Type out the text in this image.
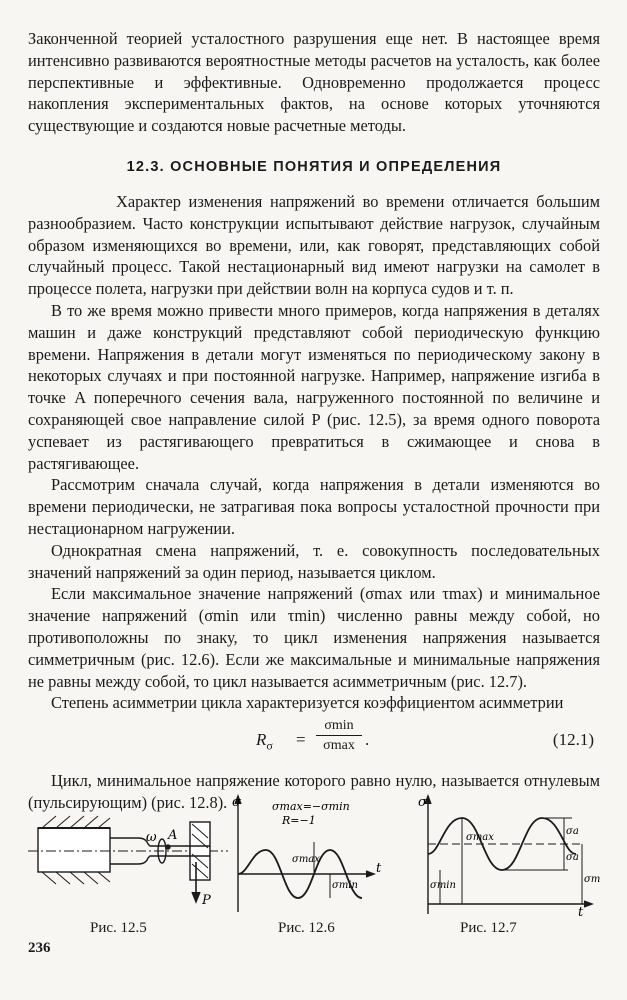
Законченной теорией усталостного разрушения еще нет. В настоящее время интенсивно развиваются вероятностные методы расчетов на усталость, как более перспективные и эффективные. Одновременно продолжается процесс накопления экспериментальных фактов, на основе которых уточняются существующие и создаются новые расчетные методы.

12.3. ОСНОВНЫЕ ПОНЯТИЯ И ОПРЕДЕЛЕНИЯ

Характер изменения напряжений во времени отличается большим разнообразием. Часто конструкции испытывают действие нагрузок, случайным образом изменяющихся во времени, или, как говорят, представляющих собой случайный процесс. Такой нестационарный вид имеют нагрузки на самолет в процессе полета, нагрузки при действии волн на корпуса судов и т. п.

В то же время можно привести много примеров, когда напряжения в деталях машин и даже конструкций представляют собой периодическую функцию времени. Напряжения в детали могут изменяться по периодическому закону в некоторых случаях и при постоянной нагрузке. Например, напряжение изгиба в точке A поперечного сечения вала, нагруженного постоянной по величине и сохраняющей свое направление силой P (рис. 12.5), за время одного поворота успевает из растягивающего превратиться в сжимающее и снова в растягивающее.

Рассмотрим сначала случай, когда напряжения в детали изменяются во времени периодически, не затрагивая пока вопросы усталостной прочности при нестационарном нагружении.

Однократная смена напряжений, т. е. совокупность последовательных значений напряжений за один период, называется циклом.

Если максимальное значение напряжений (σmax или τmax) и минимальное значение напряжений (σmin или τmin) численно равны между собой, но противоположны по знаку, то цикл изменения напряжения называется симметричным (рис. 12.6). Если же максимальные и минимальные напряжения не равны между собой, то цикл называется асимметричным (рис. 12.7).

Степень асимметрии цикла характеризуется коэффициентом асимметрии

$R_\sigma$ =
σmin
σmax .	(12.1)

Цикл, минимальное напряжение которого равно нулю, называется отнулевым (пульсирующим) (рис. 12.8).

ω A
P
σ
t
σmax=−σmin
R=−1
σmax
σmin
σ
t
σmax
σmin
σa
σa
σm
Рис. 12.5	Рис. 12.6	Рис. 12.7
236
